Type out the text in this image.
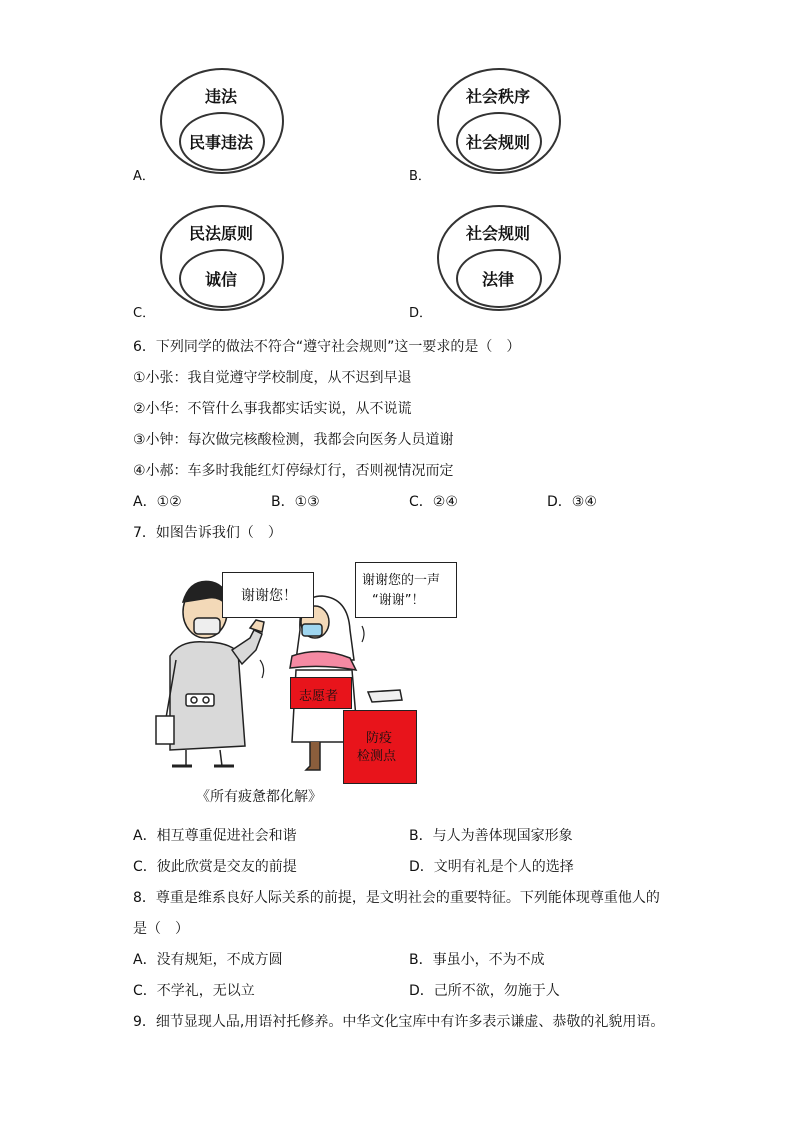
违法
民事违法
A．
社会秩序
社会规则
B．
民法原则
诚信
C．
社会规则
法律
D．
6．下列同学的做法不符合“遵守社会规则”这一要求的是（　）
①小张：我自觉遵守学校制度，从不迟到早退
②小华：不管什么事我都实话实说，从不说谎
③小钟：每次做完核酸检测，我都会向医务人员道谢
④小郝：车多时我能红灯停绿灯行，否则视情况而定
A．①②	B．①③	C．②④	D．③④
7．如图告诉我们（　）
谢谢您！
谢谢您的一声
“谢谢”！
志愿者
防疫
检测点
《所有疲惫都化解》
A．相互尊重促进社会和谐	B．与人为善体现国家形象
C．彼此欣赏是交友的前提	D．文明有礼是个人的选择
8．尊重是维系良好人际关系的前提，是文明社会的重要特征。下列能体现尊重他人的
是（　）
A．没有规矩，不成方圆	B．事虽小，不为不成
C．不学礼，无以立	D．己所不欲，勿施于人
9．细节显现人品,用语衬托修养。中华文化宝库中有许多表示谦虚、恭敬的礼貌用语。
